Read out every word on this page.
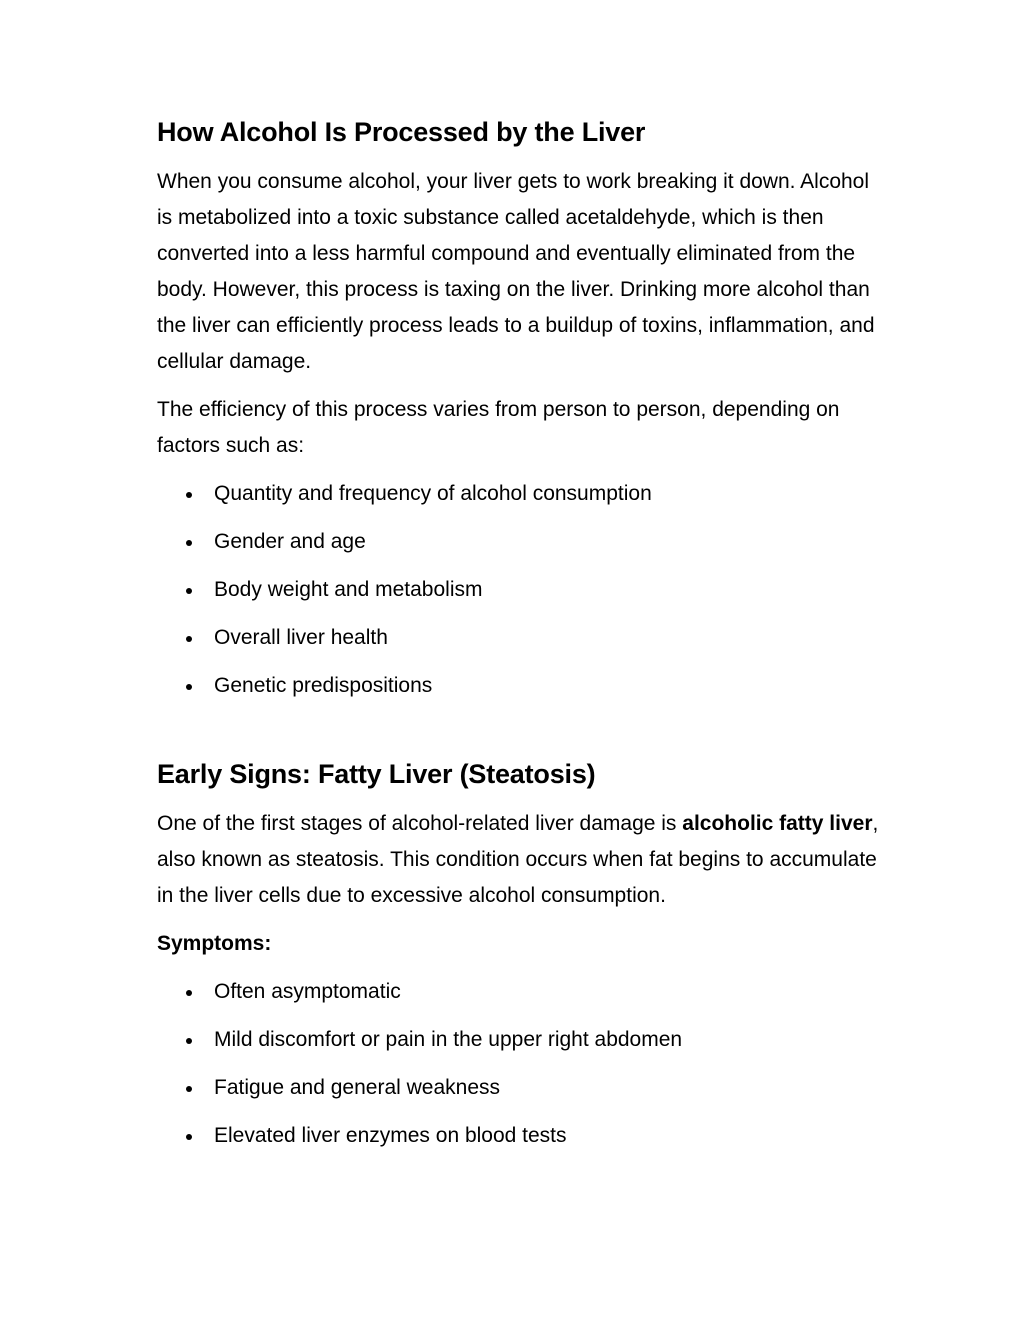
How Alcohol Is Processed by the Liver

When you consume alcohol, your liver gets to work breaking it down. Alcohol is metabolized into a toxic substance called acetaldehyde, which is then converted into a less harmful compound and eventually eliminated from the body. However, this process is taxing on the liver. Drinking more alcohol than the liver can efficiently process leads to a buildup of toxins, inflammation, and cellular damage.

The efficiency of this process varies from person to person, depending on factors such as:

Quantity and frequency of alcohol consumption
Gender and age
Body weight and metabolism
Overall liver health
Genetic predispositions
Early Signs: Fatty Liver (Steatosis)

One of the first stages of alcohol-related liver damage is alcoholic fatty liver, also known as steatosis. This condition occurs when fat begins to accumulate in the liver cells due to excessive alcohol consumption.

Symptoms:

Often asymptomatic
Mild discomfort or pain in the upper right abdomen
Fatigue and general weakness
Elevated liver enzymes on blood tests
